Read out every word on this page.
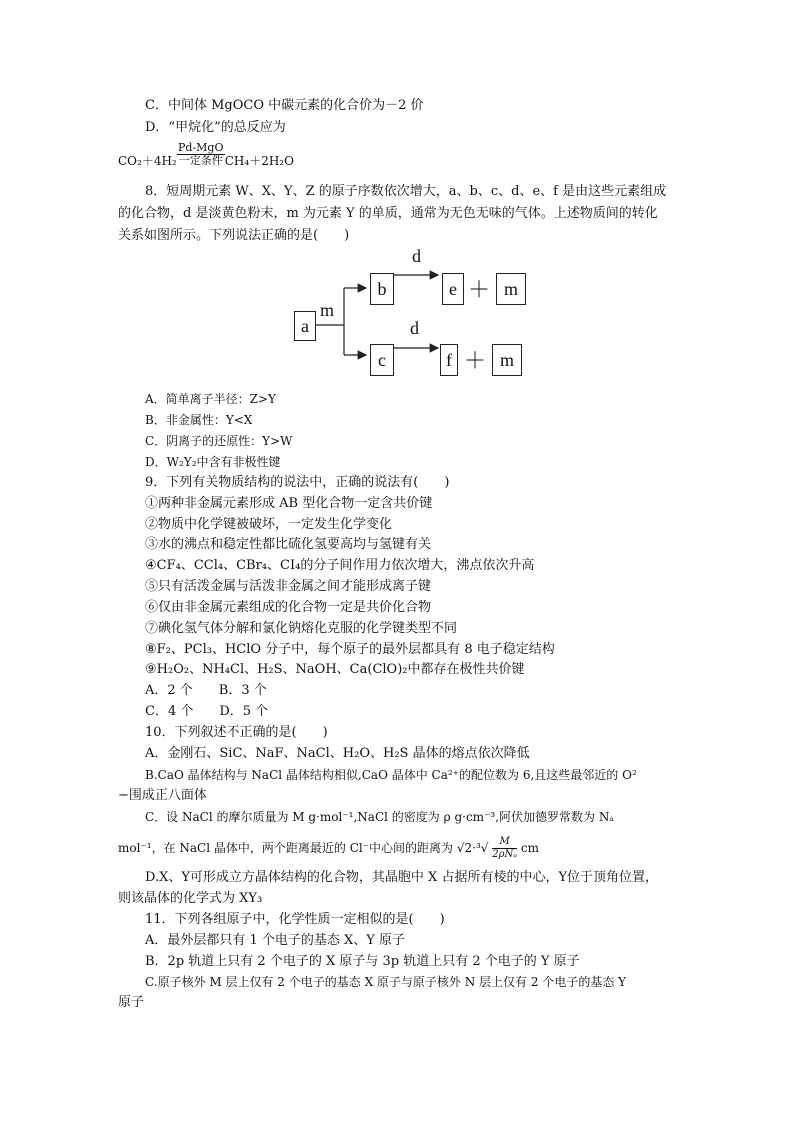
C．中间体 MgOCO 中碳元素的化合价为－2 价
D．“甲烷化”的总反应为
CO₂＋4H₂
Pd-MgO
一定条件 CH₄＋2H₂O
8．短周期元素 W、X、Y、Z 的原子序数依次增大，a、b、c、d、e、f 是由这些元素组成
的化合物，d 是淡黄色粉末，m 为元素 Y 的单质，通常为无色无味的气体。上述物质间的转化
关系如图所示。下列说法正确的是(　　)
a
m
b
d
e ＋ m
c
d
f ＋ m
A．简单离子半径：Z>Y
B．非金属性：Y<X
C．阴离子的还原性：Y>W
D．W₂Y₂中含有非极性键
9．下列有关物质结构的说法中，正确的说法有(　　)
①两种非金属元素形成 AB 型化合物一定含共价键
②物质中化学键被破坏，一定发生化学变化
③水的沸点和稳定性都比硫化氢要高均与氢键有关
④CF₄、CCl₄、CBr₄、CI₄的分子间作用力依次增大，沸点依次升高
⑤只有活泼金属与活泼非金属之间才能形成离子键
⑥仅由非金属元素组成的化合物一定是共价化合物
⑦碘化氢气体分解和氯化钠熔化克服的化学键类型不同
⑧F₂、PCl₃、HClO 分子中，每个原子的最外层都具有 8 电子稳定结构
⑨H₂O₂、NH₄Cl、H₂S、NaOH、Ca(ClO)₂中都存在极性共价键
A．2 个　　B．3 个
C．4 个　　D．5 个
10．下列叙述不正确的是(　　)
A．金刚石、SiC、NaF、NaCl、H₂O、H₂S 晶体的熔点依次降低
B.CaO 晶体结构与 NaCl 晶体结构相似,CaO 晶体中 Ca²⁺的配位数为 6,且这些最邻近的 O²
−围成正八面体
C．设 NaCl 的摩尔质量为 M g·mol⁻¹,NaCl 的密度为 ρ g·cm⁻³,阿伏加德罗常数为 Nₐ
mol⁻¹，在 NaCl 晶体中，两个距离最近的 Cl⁻中心间的距离为 $√2\cdot^3√ \frac{M}{\text{2ρNₐ}}$ cm
D.X、Y可形成立方晶体结构的化合物，其晶胞中 X 占据所有棱的中心，Y位于顶角位置，
则该晶体的化学式为 XY₃
11．下列各组原子中，化学性质一定相似的是(　　)
A．最外层都只有 1 个电子的基态 X、Y 原子
B．2p 轨道上只有 2 个电子的 X 原子与 3p 轨道上只有 2 个电子的 Y 原子
C.原子核外 M 层上仅有 2 个电子的基态 X 原子与原子核外 N 层上仅有 2 个电子的基态 Y
原子
